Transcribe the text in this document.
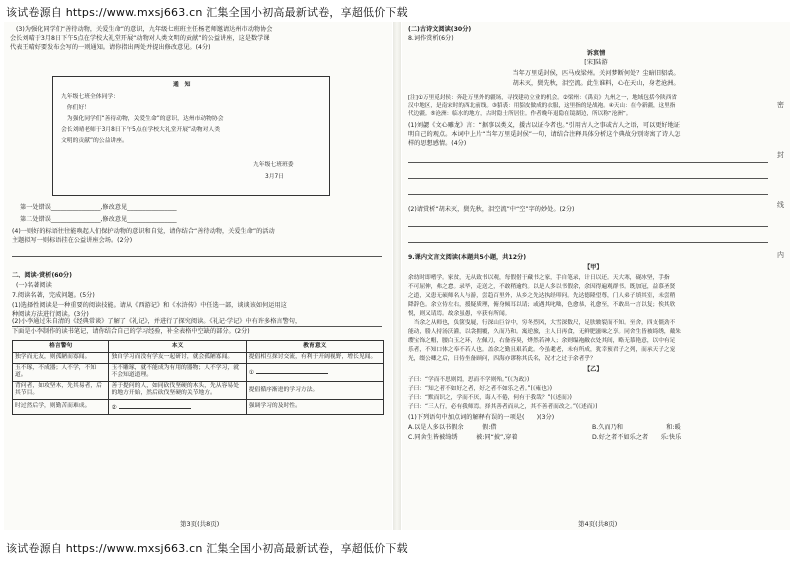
该试卷源自 https://www.mxsj663.cn 汇集全国小初高最新试卷，享超低价下载
(3)为强化同学们“善待动物，关爱生命”的意识，九年级七班班主任杨老师邀请达州市动物协会
会长刘晴于3月8日下午5点在学校大礼堂开展“动物对人类文明的贡献”的公益讲座，这是数学课
代表王晴好要发布会写的一则通知。请你指出两处并提出修改意见。(4分)
通　知
九年级七班全体同学：
　你们好！
　为强化同学们“善待动物，关爱生命”的意识，达州市动物协会
会长刘晴老师于3月8日下午5点在学校大礼堂开展“动物对人类
文明的贡献”的公益讲座。
九年级七班班委
3月7日
第一处错误________________,修改意见________________
第二处错误________________,修改意见________________
(4)一则好的标语往往能唤起人们保护动物的意识和自觉，请你结合“善待动物，关爱生命”的活动
主题拟写一则标语挂在公益讲座会场。(2分)
二、阅读·赏析(60分)
(一)名著阅读
7.阅读名著，完成问题。(5分)
(1)选择性阅读是一种重要的阅读技能。请从《西游记》和《水浒传》中任选一部，谈谈该如何运用这
种阅读方法进行阅读。(3分)
(2)小李通过朱自清的《经典常谈》了解了《礼记》，并进行了探究阅读。《礼记·学记》中有许多格言警句，
下面是小李制作的读书笔记，请你结合自己的学习经验，补全表格中空缺的部分。(2分)
格言警句	本义	教育意义
独学而无友，则孤陋而寡闻。	独自学习而没有学友一起研讨，就会孤陋寡闻。	提倡相互探讨交流，有利于开阔视野，增长见闻。
玉不琢，不成器；人不学，不知道。	玉不雕琢，就不能成为有用的器物；人不学习，就不会知道道理。	①
背问者，如攻坚木，先其易者，后其节目。	善于提问的人，如同砍伐坚硬的木头，先从容易处的地方开始，然后砍伐坚硬的关节地方。	提倡循序渐进的学习方法。
时过然后学，则勤苦而难成。	②	强调学习的及时性。
第3页(共8页)
(二)古诗文阅读(30分)
8.词作赏析(6分)
诉衷情
[宋]陆游
当年万里觅封侯，匹马戍梁州。关河梦断何处？尘暗旧貂裘。
胡未灭，鬓先秋，泪空流。此生谁料，心在天山，身老沧洲。
[注]①万里觅封侯：奔赴万里外的疆场，寻找建功立业的机会。②梁州：《禹贡》九州之一，地域包括今陕西省
汉中地区，是南宋时的西北前线。③貂裘：用貂皮做成的衣服，这里指的是战袍。④天山：在今新疆，这里指
代边疆。⑤沧洲：临水的地方，古时隐士所居住。作者晚年退隐在镜湖边，所以称“沧洲”。
(1)刘勰《文心雕龙》言：“据事以类义，援古以证今者也。”引用古人之事或古人之语，可以更好地证
明自己的观点。本词中上片“当年万里觅封侯”一句，请结合注释具体分析这个典故分别寄寓了诗人怎
样的思想感情。(4分)
(2)请赏析“胡未灭，鬓先秋，泪空流”中“空”字的妙处。(2分)
9.课内文言文阅读(本题共5小题，共12分)
【甲】
余幼时即嗜学。家贫，无从致书以观，每假借于藏书之家，手自笔录，计日以还。天大寒，砚冰坚，手指
不可屈伸，弗之怠。录毕，走送之，不敢稍逾约。以是人多以书假余，余因得遍观群书。既加冠，益慕圣贤
之道，又患无硕师名人与游，尝趋百里外，从乡之先达执经叩问。先达德隆望尊，门人弟子填其室，未尝稍
降辞色。余立侍左右，援疑质理，俯身倾耳以请；或遇其叱咄，色愈恭，礼愈至，不敢出一言以复；俟其欣
悦，则又请焉。故余虽愚，卒获有所闻。
　当余之从师也，负箧曳屣，行深山巨谷中，穷冬烈风，大雪深数尺，足肤皲裂而不知。至舍，四支僵劲不
能动，媵人持汤沃灌，以衾拥覆，久而乃和。寓逆旅，主人日再食，无鲜肥滋味之享。同舍生皆被绮绣，戴朱
缨宝饰之帽，腰白玉之环，左佩刀，右备容臭，烨然若神人；余则缊袍敝衣处其间，略无慕艳意，以中有足
乐者，不知口体之奉不若人也。盖余之勤且艰若此。今虽耄老，未有所成，犹幸预君子之列，而承天子之宠
光，缀公卿之后，日侍坐备顾问，四海亦谬称其氏名，况才之过于余者乎？
【乙】
子曰：“学而不思则罔，思而不学则殆。”(《为政》)
子曰：“知之者不如好之者，好之者不如乐之者。”(《雍也》)
子曰：“默而识之，学而不厌，诲人不倦，何有于我哉？”(《述而》)
子曰：“三人行，必有我师焉。择其善者而从之，其不善者而改之。”(《述而》)
(1)下列语句中加点词的解释有误的一项是(　　)(3分)
A.以是人多以书假余　　　假:借	B.久而乃和　　　　　　　和:暖
C.同舍生皆被绮绣　　　被:同“披”,穿着	D.好之者不如乐之者　　乐:快乐
密
封
线
内
第4页(共8页)
该试卷源自 https://www.mxsj663.cn 汇集全国小初高最新试卷，享超低价下载
